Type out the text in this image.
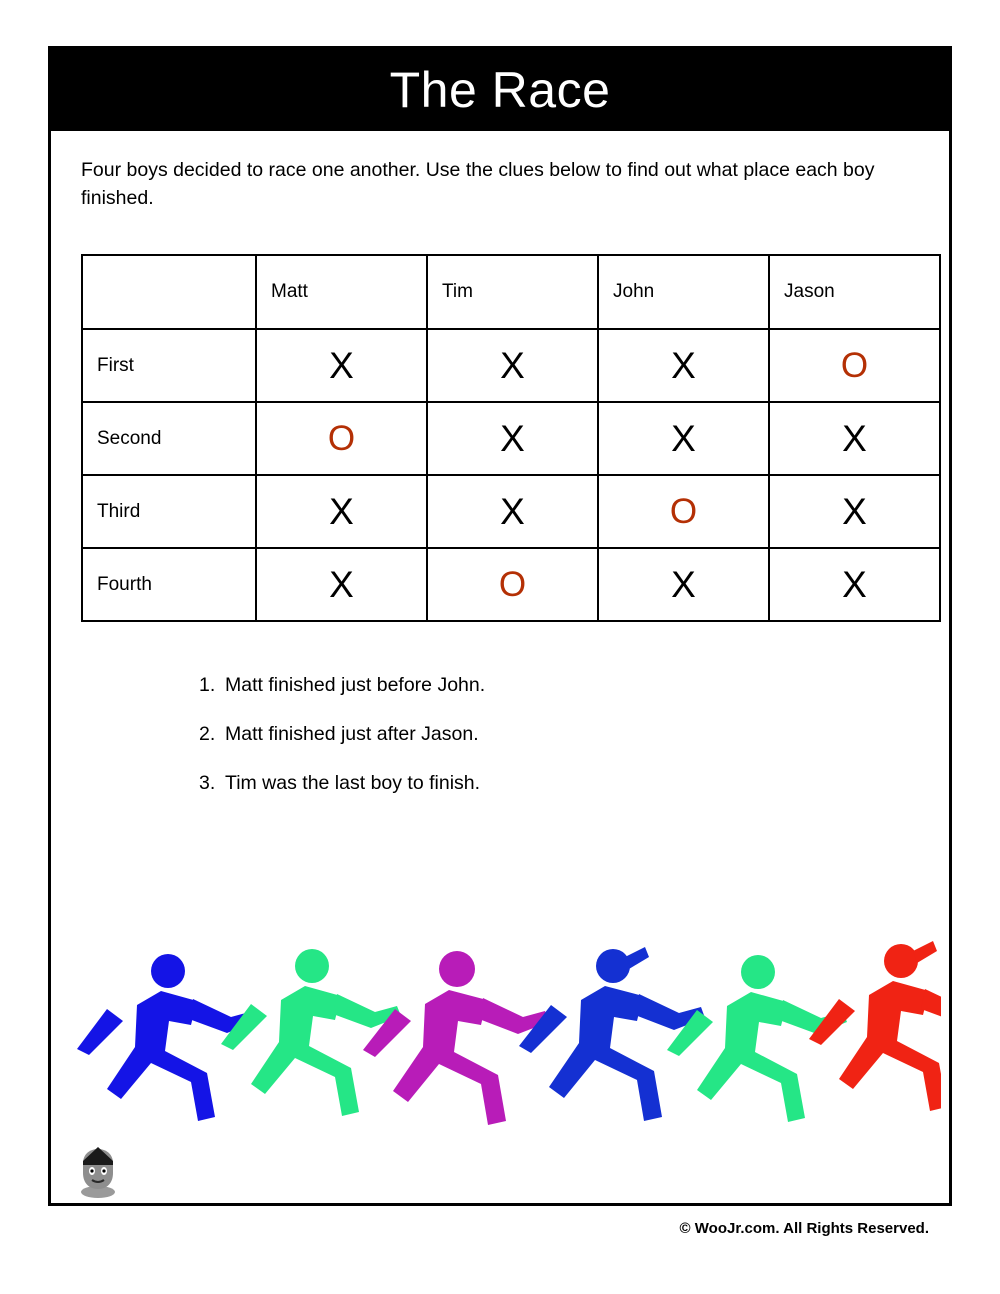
The Race
Four boys decided to race one another. Use the clues below to find out what place each boy finished.
	Matt	Tim	John	Jason
First	X	X	X	O
Second	O	X	X	X
Third	X	X	O	X
Fourth	X	O	X	X
1. Matt finished just before John.
2. Matt finished just after Jason.
3. Tim was the last boy to finish.
© WooJr.com. All Rights Reserved.
